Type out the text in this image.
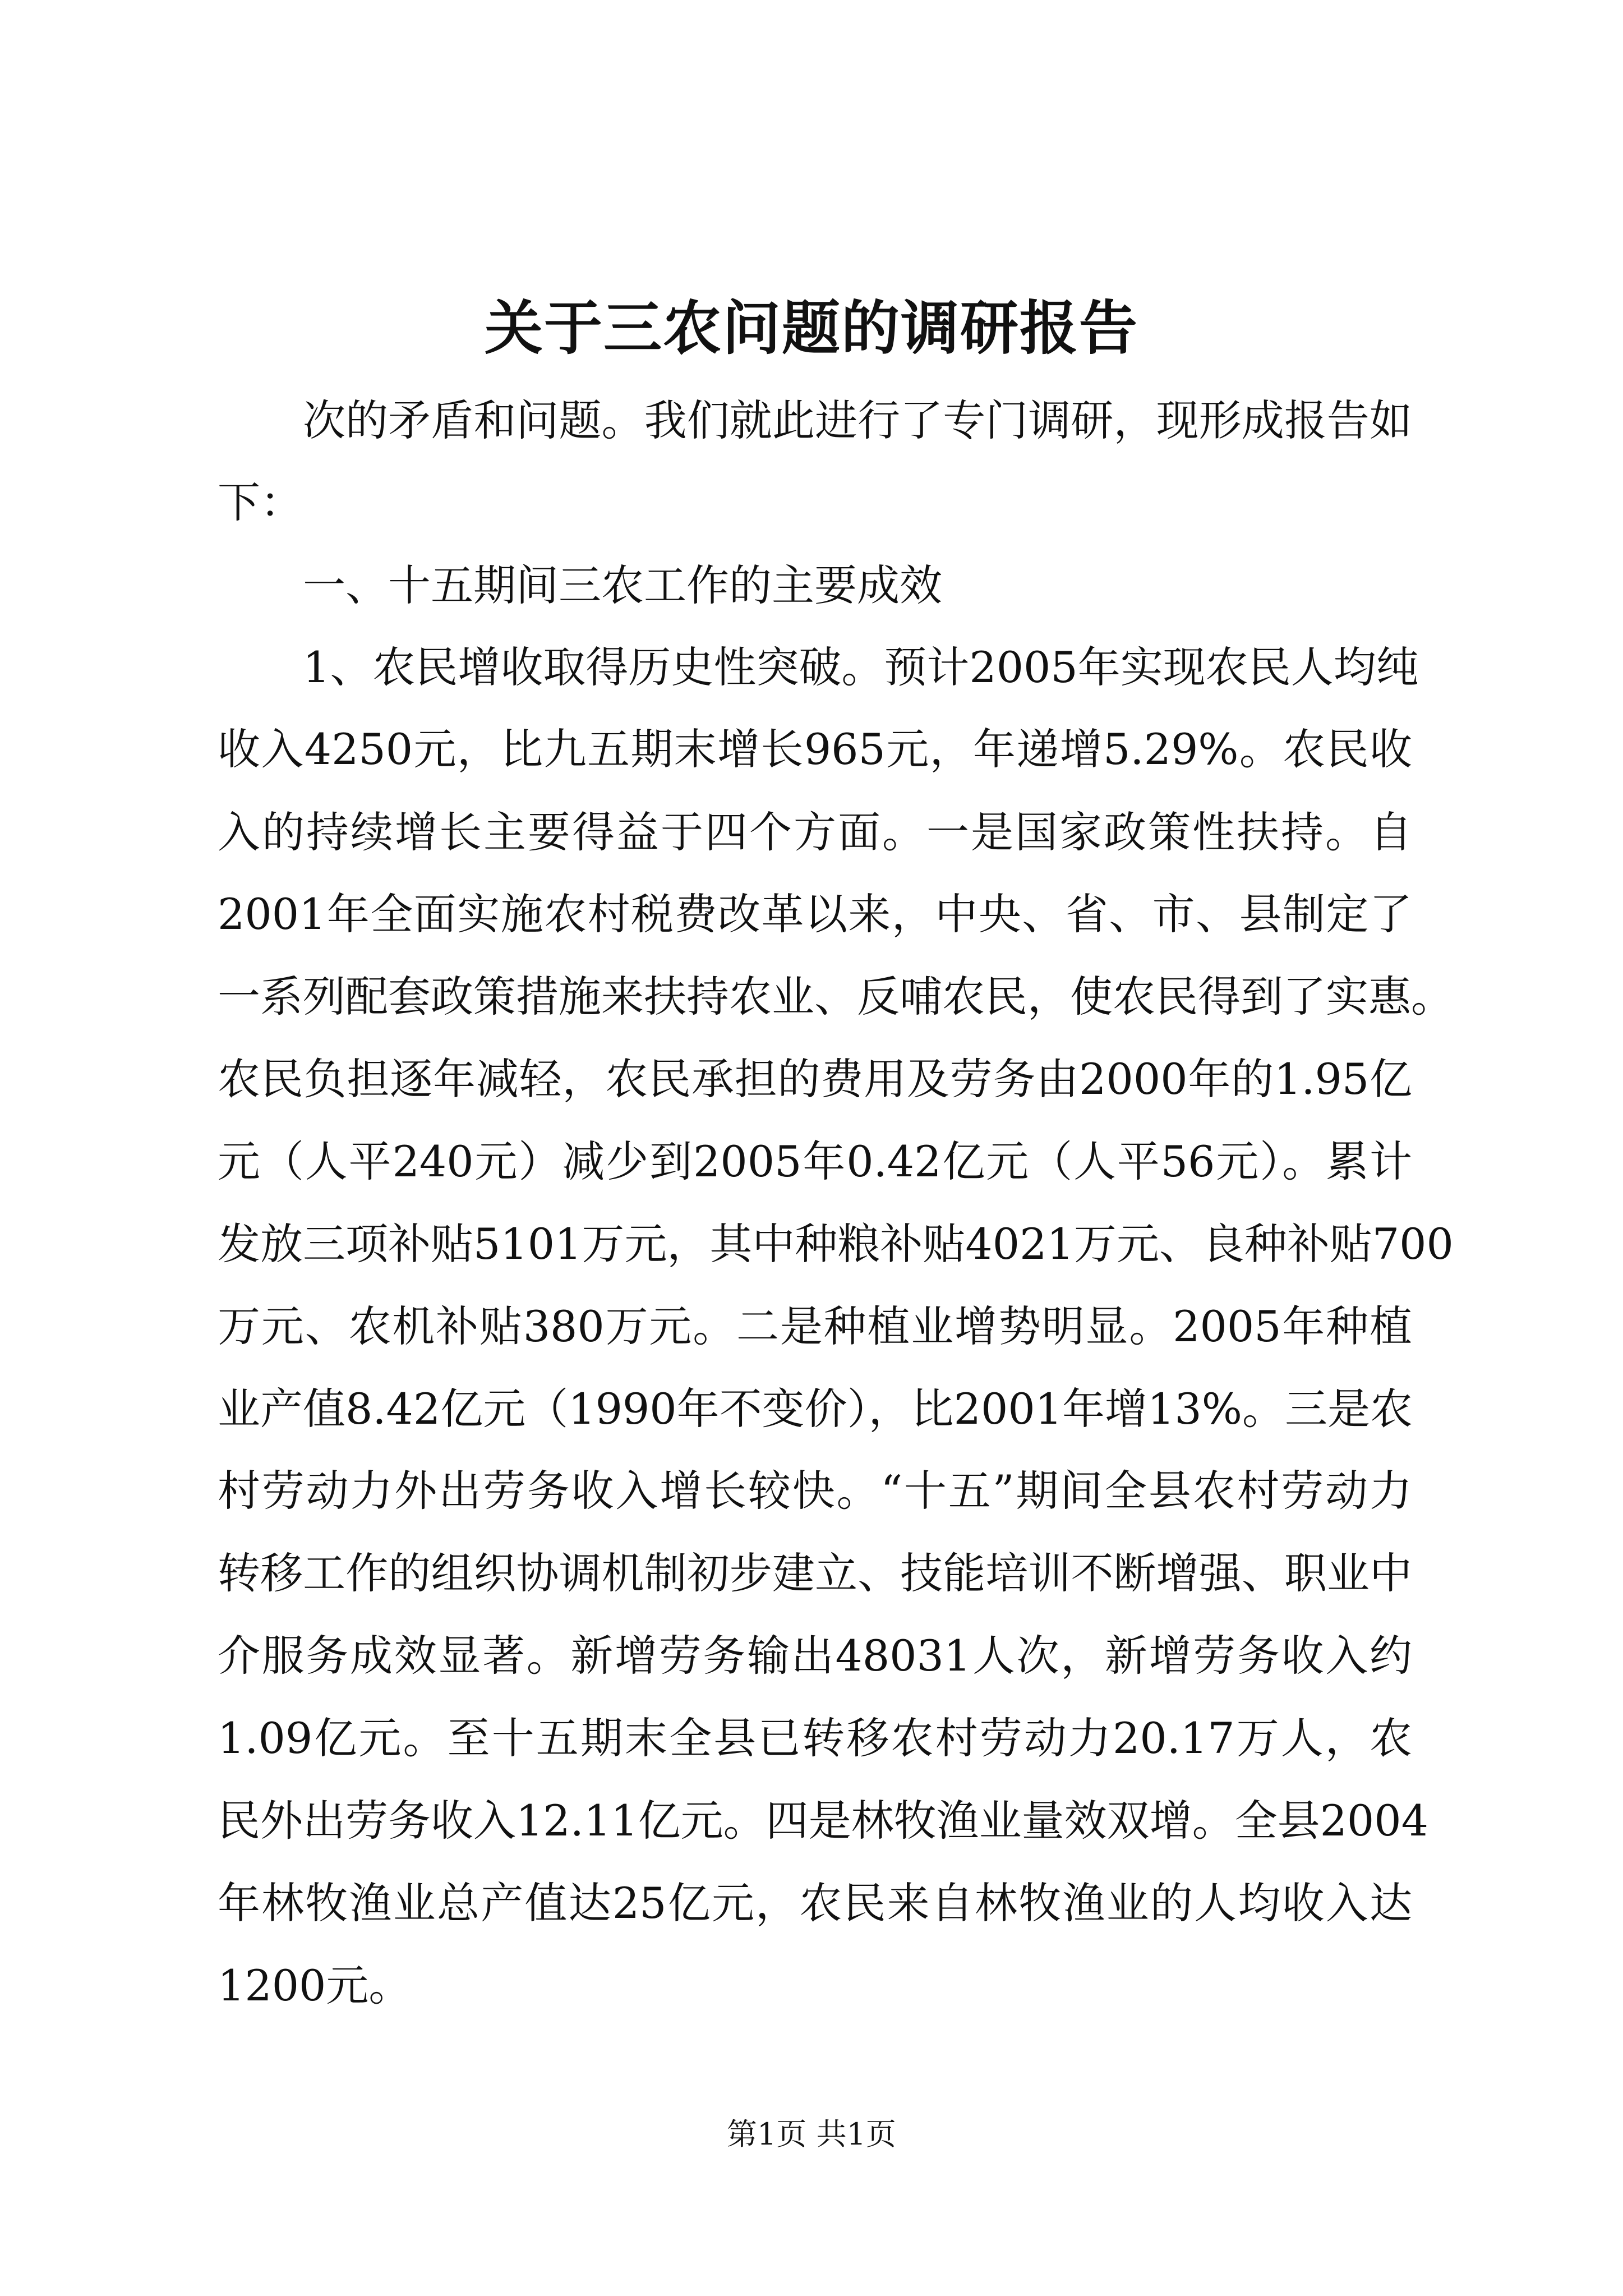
关于三农问题的调研报告
次的矛盾和问题。我们就此进行了专门调研，现形成报告如
下：
一、十五期间三农工作的主要成效
1、农民增收取得历史性突破。预计2005年实现农民人均纯
收入4250元，比九五期末增长965元，年递增5.29%。农民收
入的持续增长主要得益于四个方面。一是国家政策性扶持。自
2001年全面实施农村税费改革以来，中央、省、市、县制定了
一系列配套政策措施来扶持农业、反哺农民，使农民得到了实惠。
农民负担逐年减轻，农民承担的费用及劳务由2000年的1.95亿
元（人平240元）减少到2005年0.42亿元（人平56元）。累计
发放三项补贴5101万元，其中种粮补贴4021万元、良种补贴700
万元、农机补贴380万元。二是种植业增势明显。2005年种植
业产值8.42亿元（1990年不变价），比2001年增13%。三是农
村劳动力外出劳务收入增长较快。“十五”期间全县农村劳动力
转移工作的组织协调机制初步建立、技能培训不断增强、职业中
介服务成效显著。新增劳务输出48031人次，新增劳务收入约
1.09亿元。至十五期末全县已转移农村劳动力20.17万人，农
民外出劳务收入12.11亿元。四是林牧渔业量效双增。全县2004
年林牧渔业总产值达25亿元，农民来自林牧渔业的人均收入达
1200元。
第1页 共1页
